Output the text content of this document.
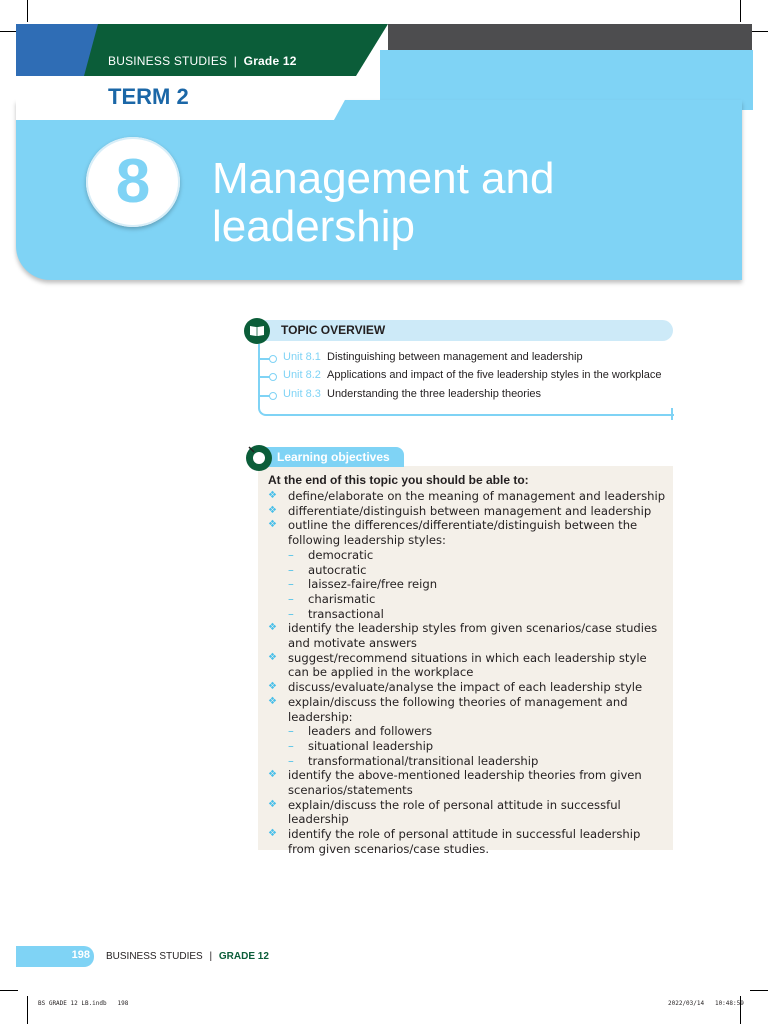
BUSINESS STUDIES | Grade 12
TERM 2
8	Management and
leadership
TOPIC OVERVIEW
Unit 8.1 Distinguishing between management and leadership
Unit 8.2 Applications and impact of the five leadership styles in the workplace
Unit 8.3 Understanding the three leadership theories
Learning objectives
At the end of this topic you should be able to:
❖ define/elaborate on the meaning of management and leadership
❖ differentiate/distinguish between management and leadership
❖ outline the differences/differentiate/distinguish between the following leadership styles:
– democratic
– autocratic
– laissez-faire/free reign
– charismatic
– transactional
❖ identify the leadership styles from given scenarios/case studies and motivate answers
❖ suggest/recommend situations in which each leadership style can be applied in the workplace
❖ discuss/evaluate/analyse the impact of each leadership style
❖ explain/discuss the following theories of management and leadership:
– leaders and followers
– situational leadership
– transformational/transitional leadership
❖ identify the above-mentioned leadership theories from given scenarios/statements
❖ explain/discuss the role of personal attitude in successful leadership
❖ identify the role of personal attitude in successful leadership from given scenarios/case studies.
198 BUSINESS STUDIES | GRADE 12
BS GRADE 12 LB.indb   198	2022/03/14   10:48:59
